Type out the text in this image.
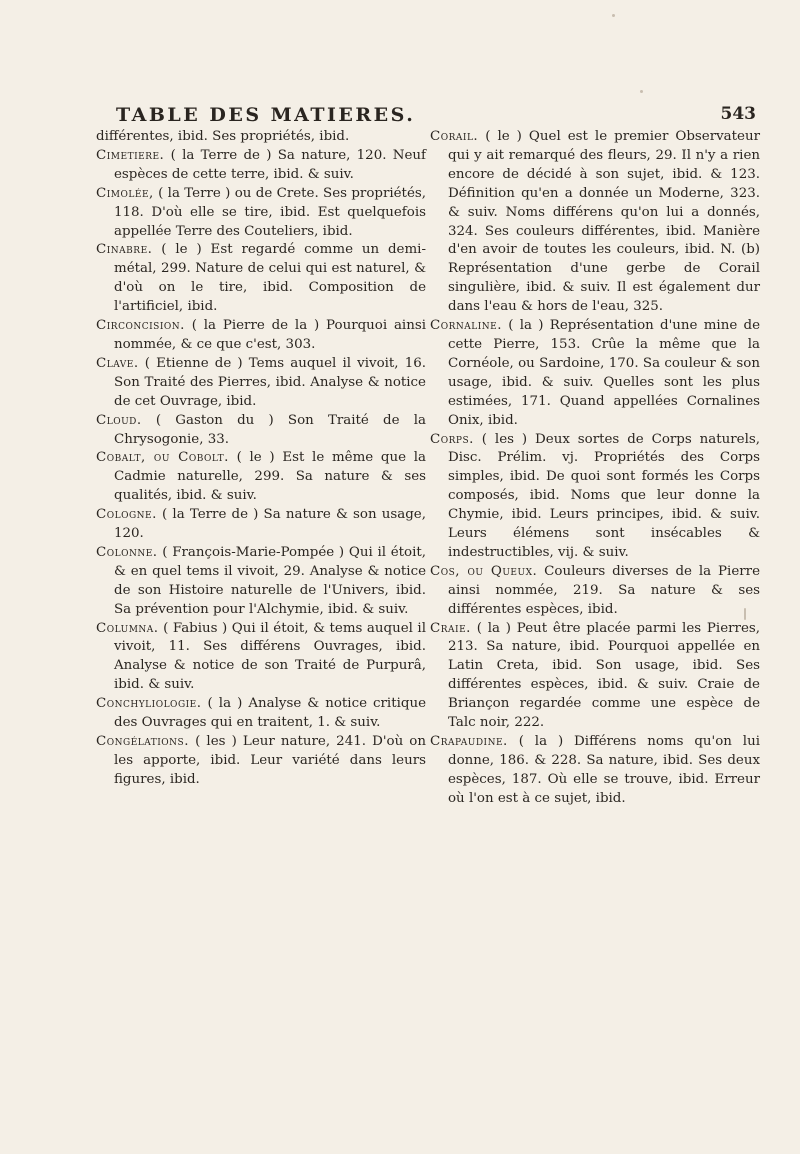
TABLE DES MATIERES.	543

différentes, ibid. Ses propriétés, ibid.

Cimetiere. ( la Terre de ) Sa nature, 120. Neuf espèces de cette terre, ibid. & suiv.

Cimolée, ( la Terre ) ou de Crete. Ses propriétés, 118. D'où elle se tire, ibid. Est quelquefois appellée Terre des Couteliers, ibid.

Cinabre. ( le ) Est regardé comme un demi-métal, 299. Nature de celui qui est naturel, & d'où on le tire, ibid. Composition de l'artificiel, ibid.

Circoncision. ( la Pierre de la ) Pourquoi ainsi nommée, & ce que c'est, 303.

Clave. ( Etienne de ) Tems auquel il vivoit, 16. Son Traité des Pierres, ibid. Analyse & notice de cet Ouvrage, ibid.

Cloud. ( Gaston du ) Son Traité de la Chrysogonie, 33.

Cobalt, ou Cobolt. ( le ) Est le même que la Cadmie naturelle, 299. Sa nature & ses qualités, ibid. & suiv.

Cologne. ( la Terre de ) Sa nature & son usage, 120.

Colonne. ( François-Marie-Pompée ) Qui il étoit, & en quel tems il vivoit, 29. Analyse & notice de son Histoire naturelle de l'Univers, ibid. Sa prévention pour l'Alchymie, ibid. & suiv.

Columna. ( Fabius ) Qui il étoit, & tems auquel il vivoit, 11. Ses différens Ouvrages, ibid. Analyse & notice de son Traité de Purpurâ, ibid. & suiv.

Conchyliologie. ( la ) Analyse & notice critique des Ouvrages qui en traitent, 1. & suiv.

Congélations. ( les ) Leur nature, 241. D'où on les apporte, ibid. Leur variété dans leurs figures, ibid.

Corail. ( le ) Quel est le premier Observateur qui y ait remarqué des fleurs, 29. Il n'y a rien encore de décidé à son sujet, ibid. & 123. Définition qu'en a donnée un Moderne, 323. & suiv. Noms différens qu'on lui a donnés, 324. Ses couleurs différentes, ibid. Manière d'en avoir de toutes les couleurs, ibid. N. (b) Représentation d'une gerbe de Corail singulière, ibid. & suiv. Il est également dur dans l'eau & hors de l'eau, 325.

Cornaline. ( la ) Représentation d'une mine de cette Pierre, 153. Crûe la même que la Cornéole, ou Sardoine, 170. Sa couleur & son usage, ibid. & suiv. Quelles sont les plus estimées, 171. Quand appellées Cornalines Onix, ibid.

Corps. ( les ) Deux sortes de Corps naturels, Disc. Prélim. vj. Propriétés des Corps simples, ibid. De quoi sont formés les Corps composés, ibid. Noms que leur donne la Chymie, ibid. Leurs principes, ibid. & suiv. Leurs élémens sont insécables & indestructibles, vij. & suiv.

Cos, ou Queux. Couleurs diverses de la Pierre ainsi nommée, 219. Sa nature & ses différentes espèces, ibid.

Craie. ( la ) Peut être placée parmi les Pierres, 213. Sa nature, ibid. Pourquoi appellée en Latin Creta, ibid. Son usage, ibid. Ses différentes espèces, ibid. & suiv. Craie de Briançon regardée comme une espèce de Talc noir, 222.

Crapaudine. ( la ) Différens noms qu'on lui donne, 186. & 228. Sa nature, ibid. Ses deux espèces, 187. Où elle se trouve, ibid. Erreur où l'on est à ce sujet, ibid.
